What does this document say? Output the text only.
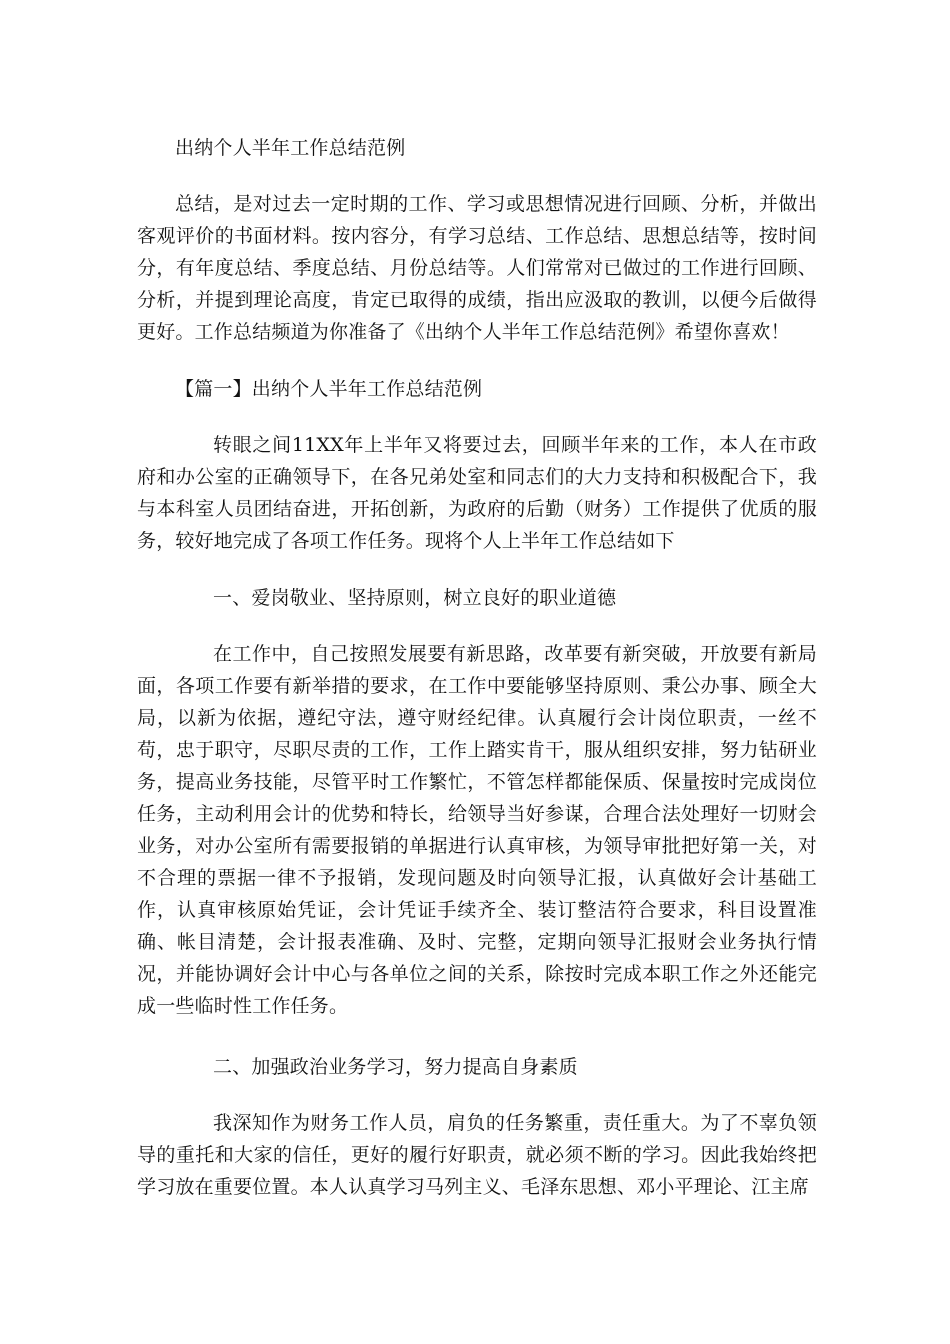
出纳个人半年工作总结范例

总结，是对过去一定时期的工作、学习或思想情况进行回顾、分析，并做出客观评价的书面材料。按内容分，有学习总结、工作总结、思想总结等，按时间分，有年度总结、季度总结、月份总结等。人们常常对已做过的工作进行回顾、分析，并提到理论高度，肯定已取得的成绩，指出应汲取的教训，以便今后做得更好。工作总结频道为你准备了《出纳个人半年工作总结范例》希望你喜欢！

【篇一】出纳个人半年工作总结范例

转眼之间11XX年上半年又将要过去，回顾半年来的工作，本人在市政府和办公室的正确领导下，在各兄弟处室和同志们的大力支持和积极配合下，我与本科室人员团结奋进，开拓创新，为政府的后勤（财务）工作提供了优质的服务，较好地完成了各项工作任务。现将个人上半年工作总结如下

一、爱岗敬业、坚持原则，树立良好的职业道德

在工作中，自己按照发展要有新思路，改革要有新突破，开放要有新局面，各项工作要有新举措的要求，在工作中要能够坚持原则、秉公办事、顾全大局，以新为依据，遵纪守法，遵守财经纪律。认真履行会计岗位职责，一丝不苟，忠于职守，尽职尽责的工作，工作上踏实肯干，服从组织安排，努力钻研业务，提高业务技能，尽管平时工作繁忙，不管怎样都能保质、保量按时完成岗位任务，主动利用会计的优势和特长，给领导当好参谋，合理合法处理好一切财会业务，对办公室所有需要报销的单据进行认真审核，为领导审批把好第一关，对不合理的票据一律不予报销，发现问题及时向领导汇报，认真做好会计基础工作，认真审核原始凭证，会计凭证手续齐全、装订整洁符合要求，科目设置准确、帐目清楚，会计报表准确、及时、完整，定期向领导汇报财会业务执行情况，并能协调好会计中心与各单位之间的关系，除按时完成本职工作之外还能完成一些临时性工作任务。

二、加强政治业务学习，努力提高自身素质

我深知作为财务工作人员，肩负的任务繁重，责任重大。为了不辜负领导的重托和大家的信任，更好的履行好职责，就必须不断的学习。因此我始终把学习放在重要位置。本人认真学习马列主义、毛泽东思想、邓小平理论、江主席
